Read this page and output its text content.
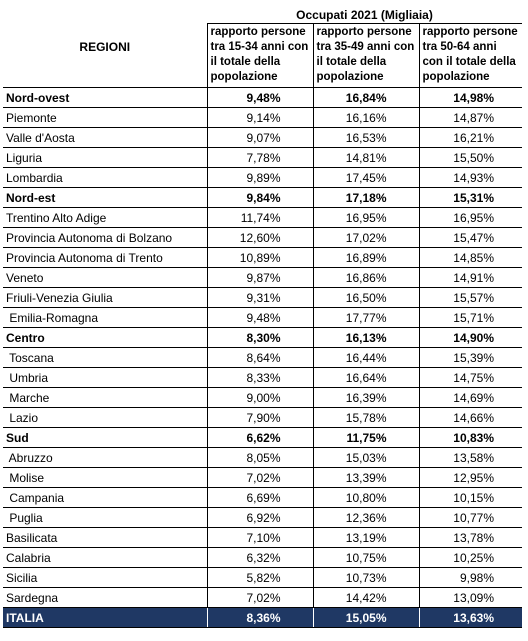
REGIONI	Occupati 2021 (Migliaia)		
	rapporto persone tra 15-34 anni con il totale della popolazione	rapporto persone tra 35-49 anni con il totale della popolazione	rapporto persone tra 50-64 anni con il totale della popolazione
Nord-ovest	9,48%	16,84%	14,98%
Piemonte	9,14%	16,16%	14,87%
Valle d'Aosta	9,07%	16,53%	16,21%
Liguria	7,78%	14,81%	15,50%
Lombardia	9,89%	17,45%	14,93%
Nord-est	9,84%	17,18%	15,31%
Trentino Alto Adige	11,74%	16,95%	16,95%
Provincia Autonoma di Bolzano	12,60%	17,02%	15,47%
Provincia Autonoma di Trento	10,89%	16,89%	14,85%
Veneto	9,87%	16,86%	14,91%
Friuli-Venezia Giulia	9,31%	16,50%	15,57%
Emilia-Romagna	9,48%	17,77%	15,71%
Centro	8,30%	16,13%	14,90%
Toscana	8,64%	16,44%	15,39%
Umbria	8,33%	16,64%	14,75%
Marche	9,00%	16,39%	14,69%
Lazio	7,90%	15,78%	14,66%
Sud	6,62%	11,75%	10,83%
Abruzzo	8,05%	15,03%	13,58%
Molise	7,02%	13,39%	12,95%
Campania	6,69%	10,80%	10,15%
Puglia	6,92%	12,36%	10,77%
Basilicata	7,10%	13,19%	13,78%
Calabria	6,32%	10,75%	10,25%
Sicilia	5,82%	10,73%	9,98%
Sardegna	7,02%	14,42%	13,09%
ITALIA	8,36%	15,05%	13,63%
